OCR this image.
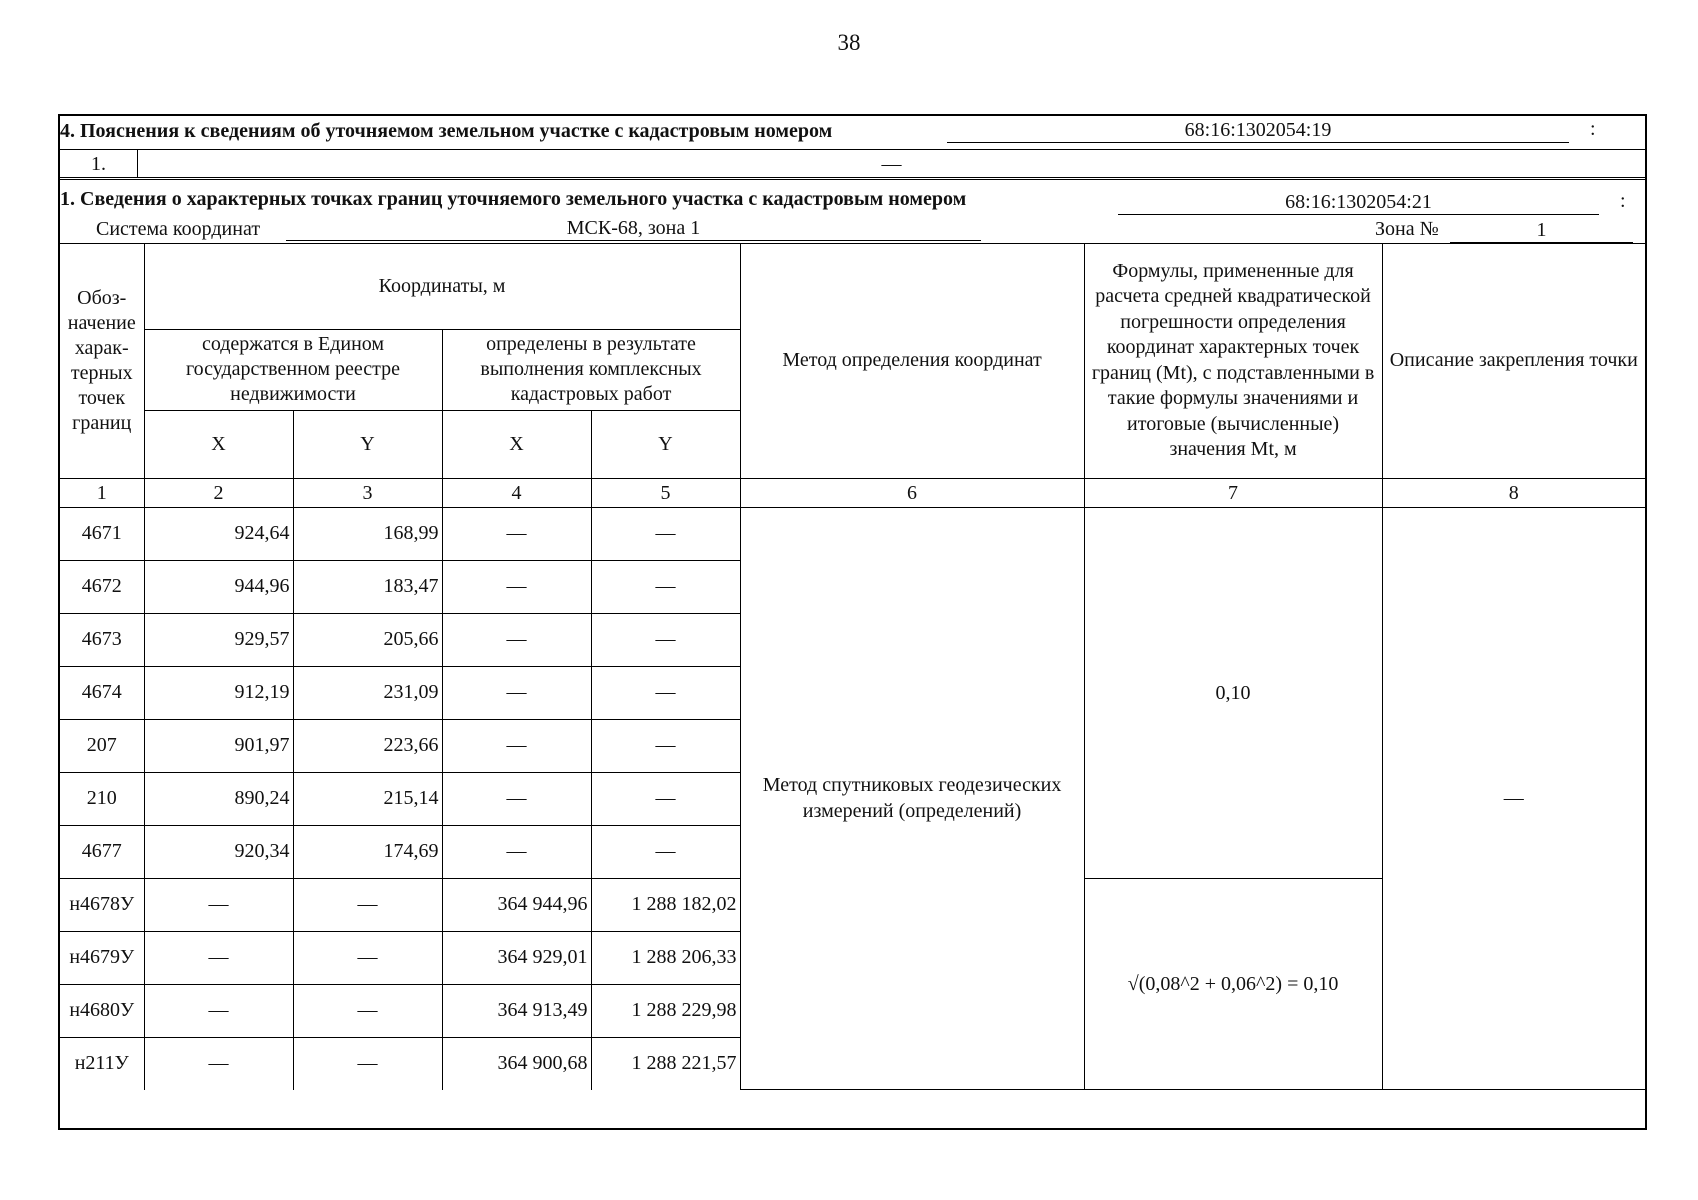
38
4. Пояснения к сведениям об уточняемом земельном участке с кадастровым номером	68:16:1302054:19	:
1.	—
1. Сведения о характерных точках границ уточняемого земельного участка с кадастровым номером	68:16:1302054:21	:
Система координат	МСК-68, зона 1	Зона №	1
Обоз-начение харак-терных точек границ	Координаты, м				Метод определения координат	Формулы, примененные для расчета средней квадратической погрешности определения координат характерных точек границ (Mt), с подставленными в такие формулы значениями и итоговые (вычисленные) значения Mt, м	Описание закрепления точки
	содержатся в Едином государственном реестре недвижимости		определены в результате выполнения комплексных кадастровых работ				
	X	Y	X	Y			
1	2	3	4	5	6	7	8
4671	924,64	168,99	—	—	Метод спутниковых геодезических измерений (определений)	0,10	—
4672	944,96	183,47	—	—			
4673	929,57	205,66	—	—			
4674	912,19	231,09	—	—			
207	901,97	223,66	—	—			
210	890,24	215,14	—	—			
4677	920,34	174,69	—	—			
н4678У	—	—	364 944,96	1 288 182,02		√(0,08^2 + 0,06^2) = 0,10	
н4679У	—	—	364 929,01	1 288 206,33			
н4680У	—	—	364 913,49	1 288 229,98			
н211У	—	—	364 900,68	1 288 221,57			
